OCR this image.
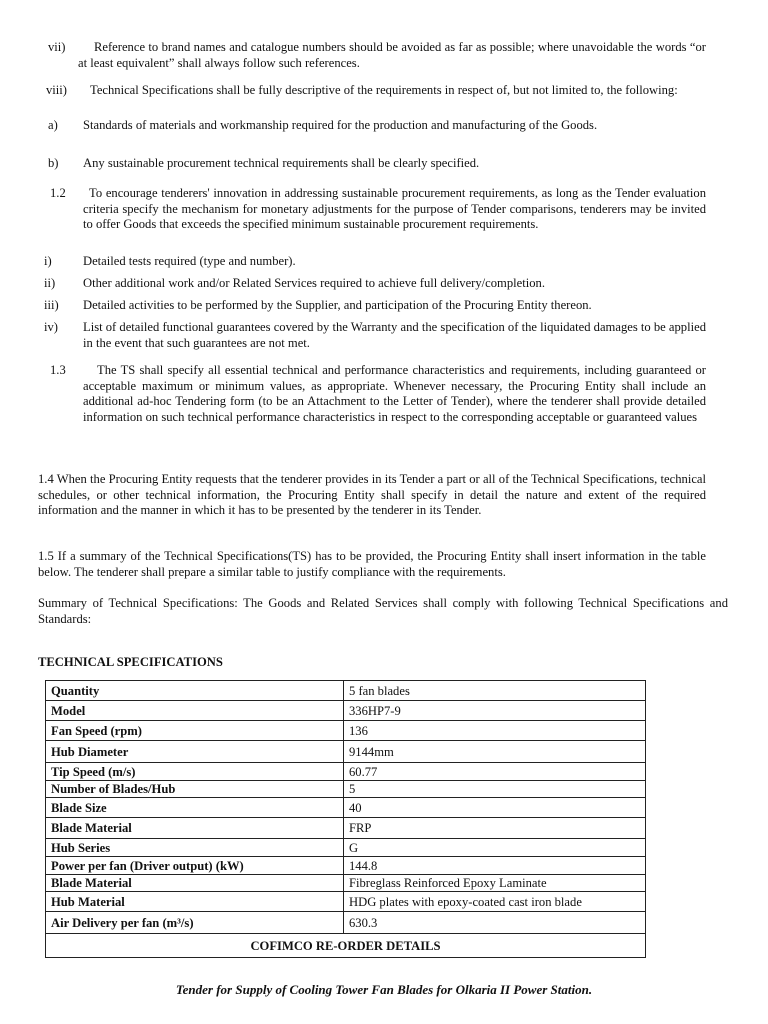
vii)	Reference to brand names and catalogue numbers should be avoided as far as possible; where unavoidable the words “or at least equivalent” shall always follow such references.
viii)	Technical Specifications shall be fully descriptive of the requirements in respect of, but not limited to, the following:
a) Standards of materials and workmanship required for the production and manufacturing of the Goods.
b) Any sustainable procurement technical requirements shall be clearly specified.
1.2	To encourage tenderers' innovation in addressing sustainable procurement requirements, as long as the Tender evaluation criteria specify the mechanism for monetary adjustments for the purpose of Tender comparisons, tenderers may be invited to offer Goods that exceeds the specified minimum sustainable procurement requirements.
i) Detailed tests required (type and number).
ii) Other additional work and/or Related Services required to achieve full delivery/completion.
iii) Detailed activities to be performed by the Supplier, and participation of the Procuring Entity thereon.
iv) List of detailed functional guarantees covered by the Warranty and the specification of the liquidated damages to be applied in the event that such guarantees are not met.
1.3	The TS shall specify all essential technical and performance characteristics and requirements, including guaranteed or acceptable maximum or minimum values, as appropriate. Whenever necessary, the Procuring Entity shall include an additional ad-hoc Tendering form (to be an Attachment to the Letter of Tender), where the tenderer shall provide detailed information on such technical performance characteristics in respect to the corresponding acceptable or guaranteed values
1.4 When the Procuring Entity requests that the tenderer provides in its Tender a part or all of the Technical Specifications, technical schedules, or other technical information, the Procuring Entity shall specify in detail the nature and extent of the required information and the manner in which it has to be presented by the tenderer in its Tender.
1.5 If a summary of the Technical Specifications(TS) has to be provided, the Procuring Entity shall insert information in the table below. The tenderer shall prepare a similar table to justify compliance with the requirements.
Summary of Technical Specifications: The Goods and Related Services shall comply with following Technical Specifications and Standards:
TECHNICAL SPECIFICATIONS
Quantity	5 fan blades
Model	336HP7-9
Fan Speed (rpm)	136
Hub Diameter	9144mm
Tip Speed (m/s)	60.77
Number of Blades/Hub	5
Blade Size	40
Blade Material	FRP
Hub Series	G
Power per fan (Driver output) (kW)	144.8
Blade Material	Fibreglass Reinforced Epoxy Laminate
Hub Material	HDG plates with epoxy-coated cast iron blade
Air Delivery per fan (m³/s)	630.3
COFIMCO RE-ORDER DETAILS	
Tender for Supply of Cooling Tower Fan Blades for Olkaria II Power Station.
